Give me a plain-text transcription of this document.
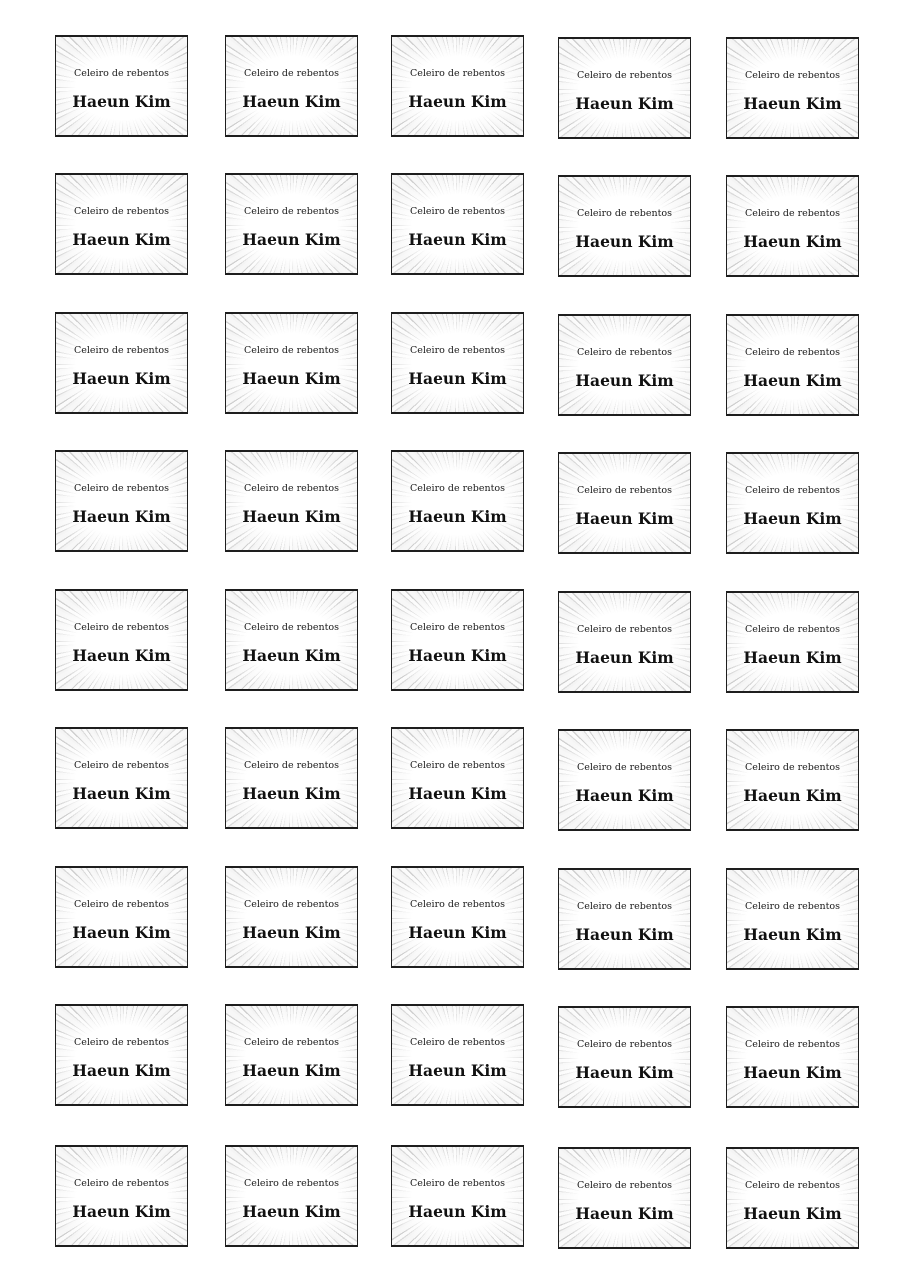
Celeiro de rebentos
Haeun Kim
Celeiro de rebentos
Haeun Kim
Celeiro de rebentos
Haeun Kim
Celeiro de rebentos
Haeun Kim
Celeiro de rebentos
Haeun Kim
Celeiro de rebentos
Haeun Kim
Celeiro de rebentos
Haeun Kim
Celeiro de rebentos
Haeun Kim
Celeiro de rebentos
Haeun Kim
Celeiro de rebentos
Haeun Kim
Celeiro de rebentos
Haeun Kim
Celeiro de rebentos
Haeun Kim
Celeiro de rebentos
Haeun Kim
Celeiro de rebentos
Haeun Kim
Celeiro de rebentos
Haeun Kim
Celeiro de rebentos
Haeun Kim
Celeiro de rebentos
Haeun Kim
Celeiro de rebentos
Haeun Kim
Celeiro de rebentos
Haeun Kim
Celeiro de rebentos
Haeun Kim
Celeiro de rebentos
Haeun Kim
Celeiro de rebentos
Haeun Kim
Celeiro de rebentos
Haeun Kim
Celeiro de rebentos
Haeun Kim
Celeiro de rebentos
Haeun Kim
Celeiro de rebentos
Haeun Kim
Celeiro de rebentos
Haeun Kim
Celeiro de rebentos
Haeun Kim
Celeiro de rebentos
Haeun Kim
Celeiro de rebentos
Haeun Kim
Celeiro de rebentos
Haeun Kim
Celeiro de rebentos
Haeun Kim
Celeiro de rebentos
Haeun Kim
Celeiro de rebentos
Haeun Kim
Celeiro de rebentos
Haeun Kim
Celeiro de rebentos
Haeun Kim
Celeiro de rebentos
Haeun Kim
Celeiro de rebentos
Haeun Kim
Celeiro de rebentos
Haeun Kim
Celeiro de rebentos
Haeun Kim
Celeiro de rebentos
Haeun Kim
Celeiro de rebentos
Haeun Kim
Celeiro de rebentos
Haeun Kim
Celeiro de rebentos
Haeun Kim
Celeiro de rebentos
Haeun Kim
